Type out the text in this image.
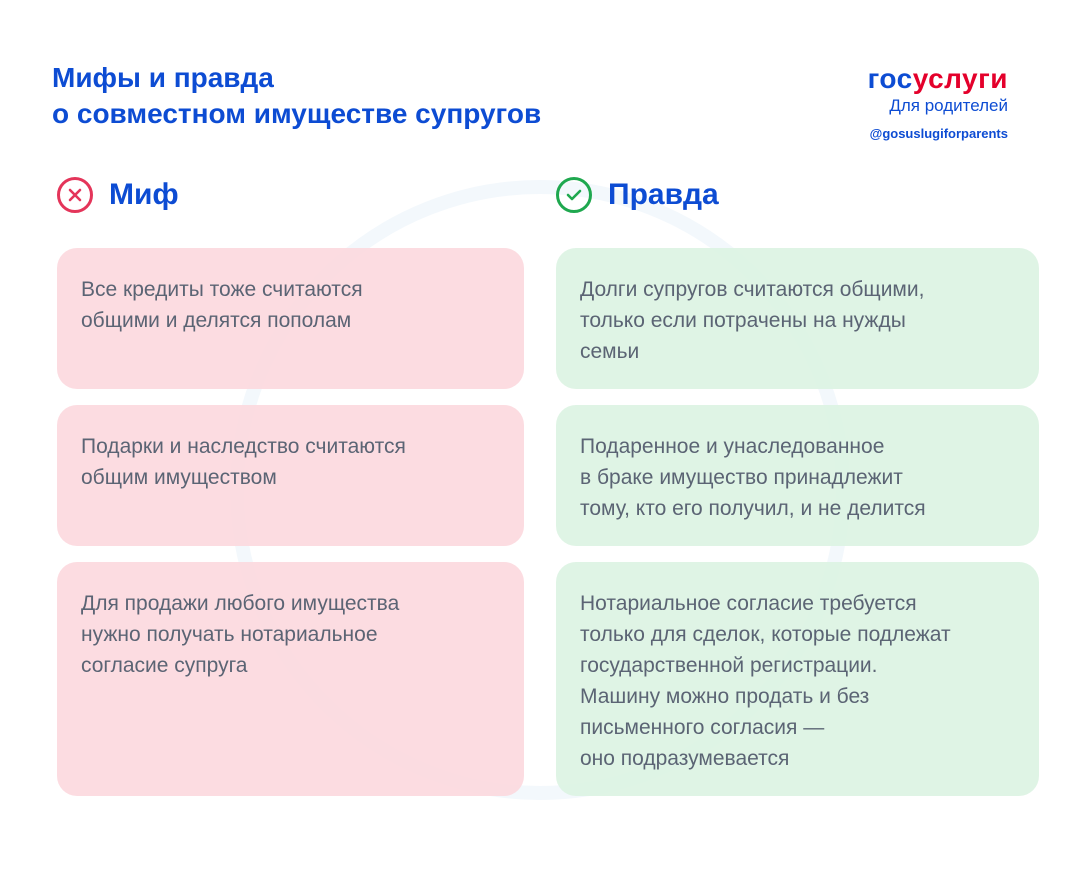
Мифы и правда
о совместном имуществе супругов
госуслуги
Для родителей
@gosuslugiforparents
Миф	Правда

Все кредиты тоже считаются
общими и делятся пополам

Долги супругов считаются общими,
только если потрачены на нужды
семьи

Подарки и наследство считаются
общим имуществом

Подаренное и унаследованное
в браке имущество принадлежит
тому, кто его получил, и не делится

Для продажи любого имущества
нужно получать нотариальное
согласие супруга

Нотариальное согласие требуется
только для сделок, которые подлежат
государственной регистрации.
Машину можно продать и без
письменного согласия —
оно подразумевается
